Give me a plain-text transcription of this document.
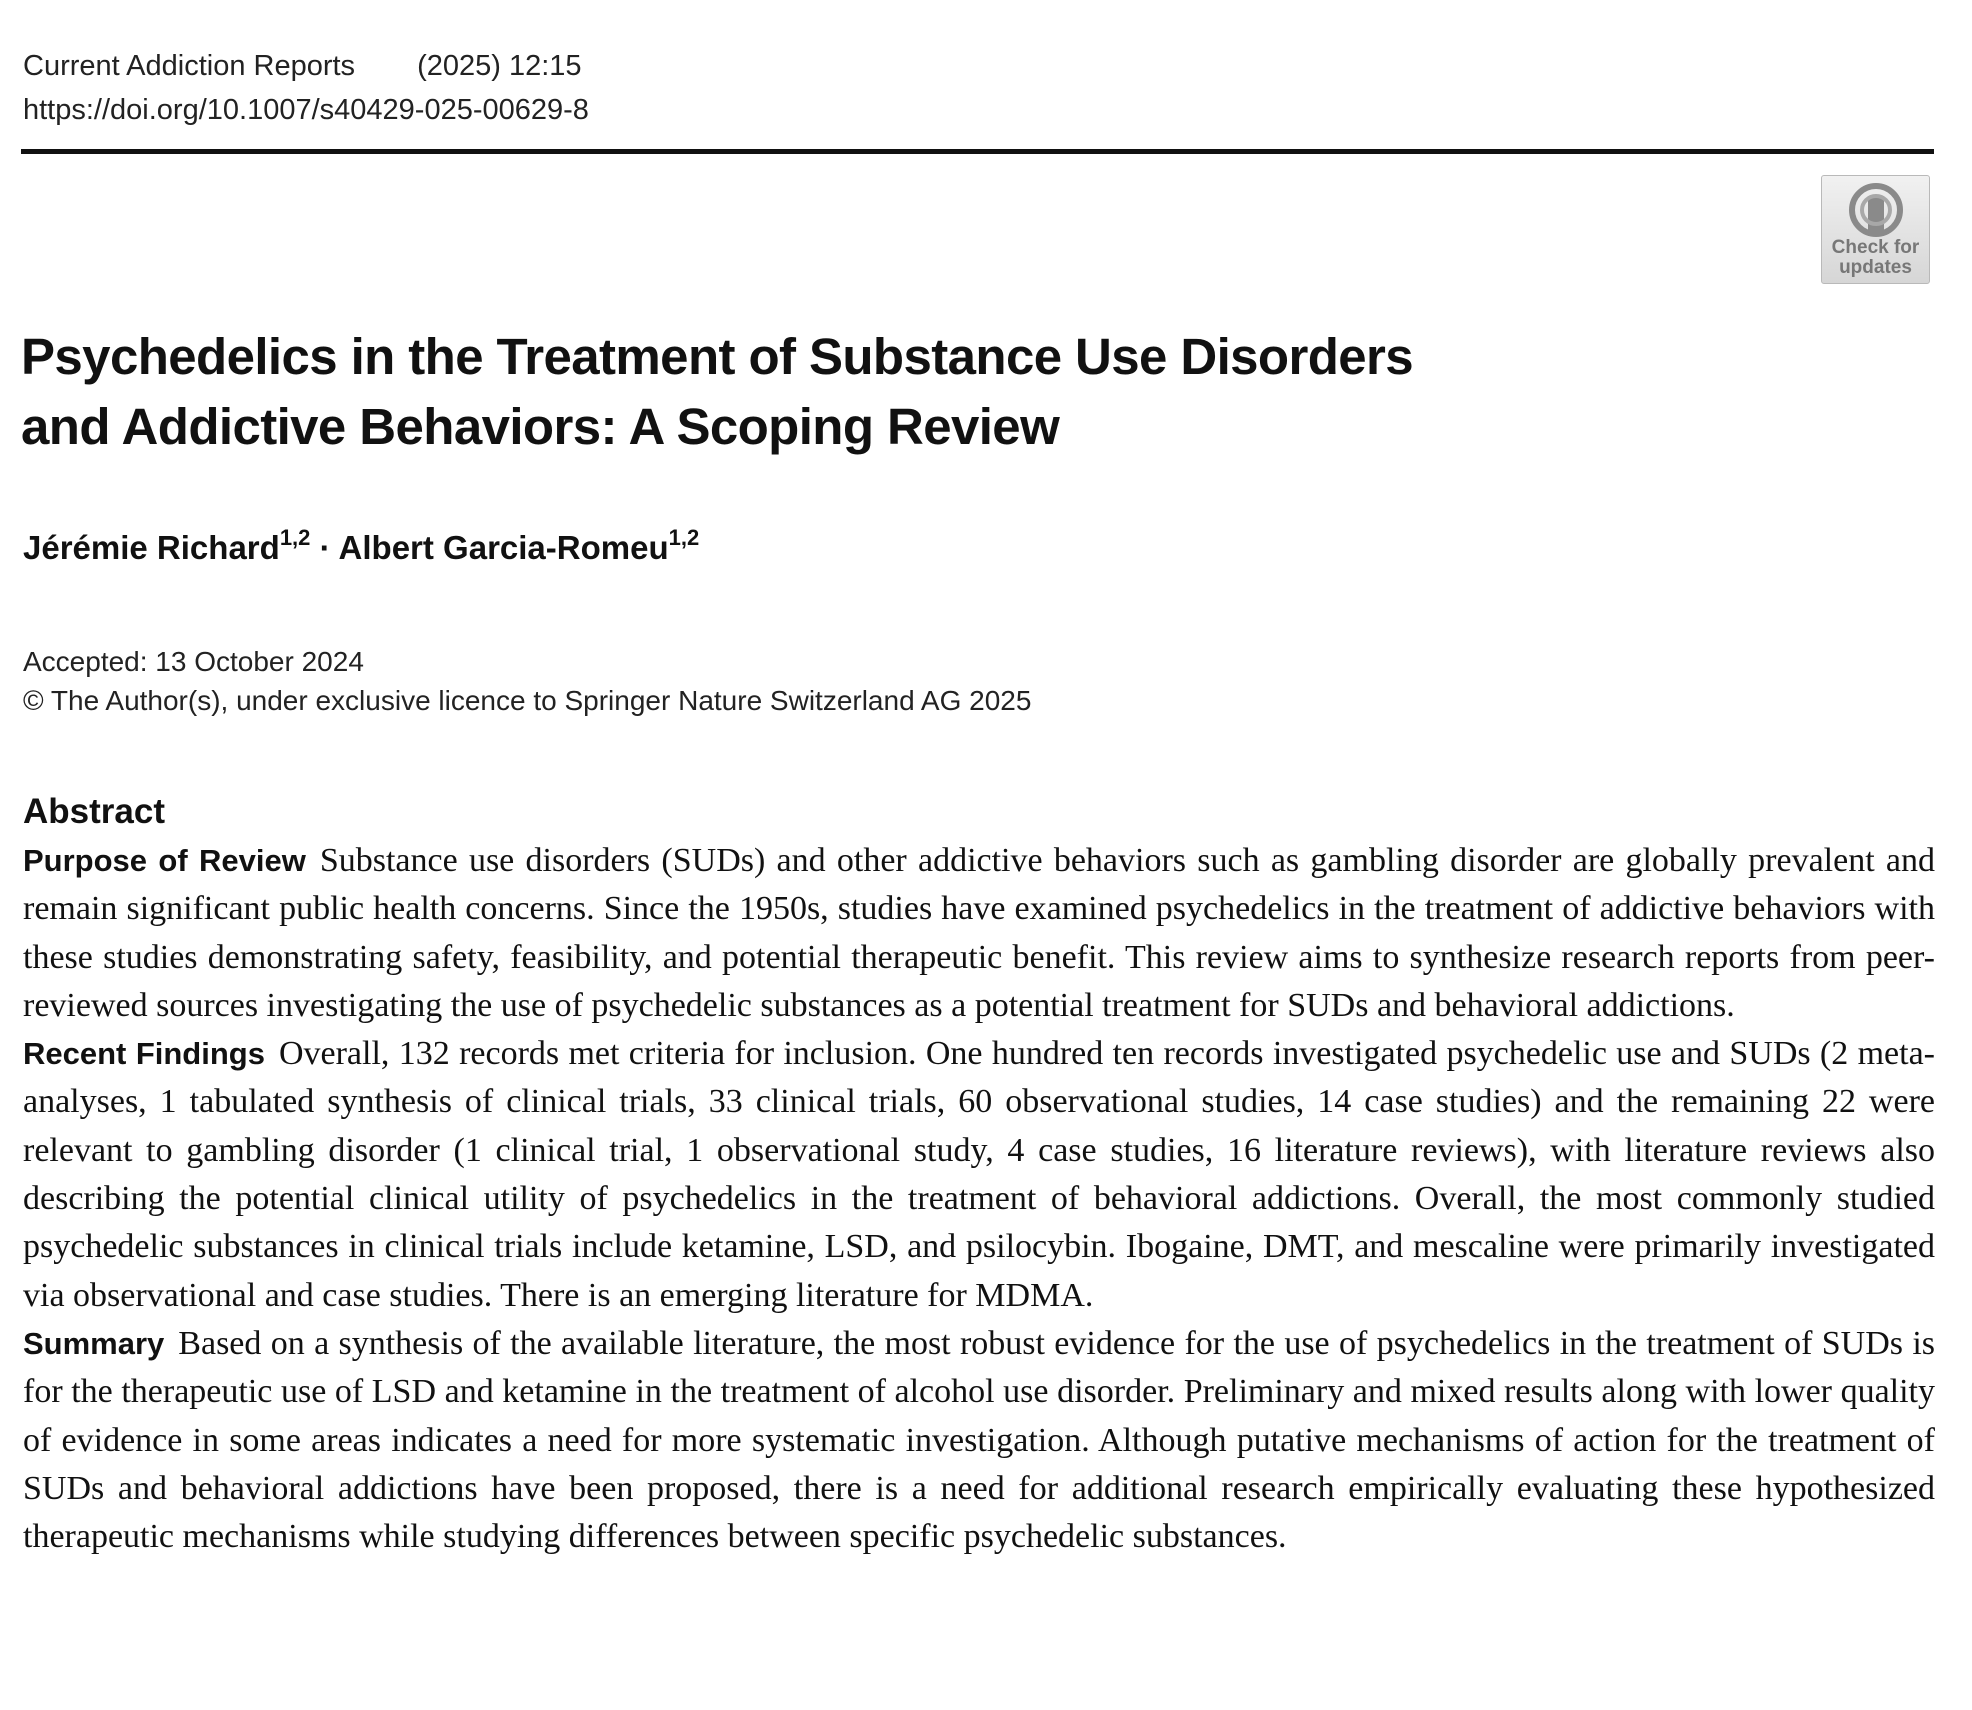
Current Addiction Reports (2025) 12:15
https://doi.org/10.1007/s40429-025-00629-8
Check for
updates
Psychedelics in the Treatment of Substance Use Disorders
and Addictive Behaviors: A Scoping Review
Jérémie Richard$^{1,2}$ · Albert Garcia-Romeu$^{1,2}$
Accepted: 13 October 2024
© The Author(s), under exclusive licence to Springer Nature Switzerland AG 2025
Abstract

Purpose of Review Substance use disorders (SUDs) and other addictive behaviors such as gambling disorder are globally prevalent and remain significant public health concerns. Since the 1950s, studies have examined psychedelics in the treatment of addictive behaviors with these studies demonstrating safety, feasibility, and potential therapeutic benefit. This review aims to synthesize research reports from peer-reviewed sources investigating the use of psychedelic substances as a potential treatment for SUDs and behavioral addictions.

Recent Findings Overall, 132 records met criteria for inclusion. One hundred ten records investigated psychedelic use and SUDs (2 meta-analyses, 1 tabulated synthesis of clinical trials, 33 clinical trials, 60 observational studies, 14 case studies) and the remaining 22 were relevant to gambling disorder (1 clinical trial, 1 observational study, 4 case studies, 16 literature reviews), with literature reviews also describing the potential clinical utility of psychedelics in the treatment of behavioral addictions. Overall, the most commonly studied psychedelic substances in clinical trials include ketamine, LSD, and psilocybin. Ibogaine, DMT, and mescaline were primarily investigated via observational and case studies. There is an emerging literature for MDMA.

Summary Based on a synthesis of the available literature, the most robust evidence for the use of psychedelics in the treatment of SUDs is for the therapeutic use of LSD and ketamine in the treatment of alcohol use disorder. Preliminary and mixed results along with lower quality of evidence in some areas indicates a need for more systematic investigation. Although putative mechanisms of action for the treatment of SUDs and behavioral addictions have been proposed, there is a need for additional research empirically evaluating these hypothesized therapeutic mechanisms while studying differences between specific psychedelic substances.
